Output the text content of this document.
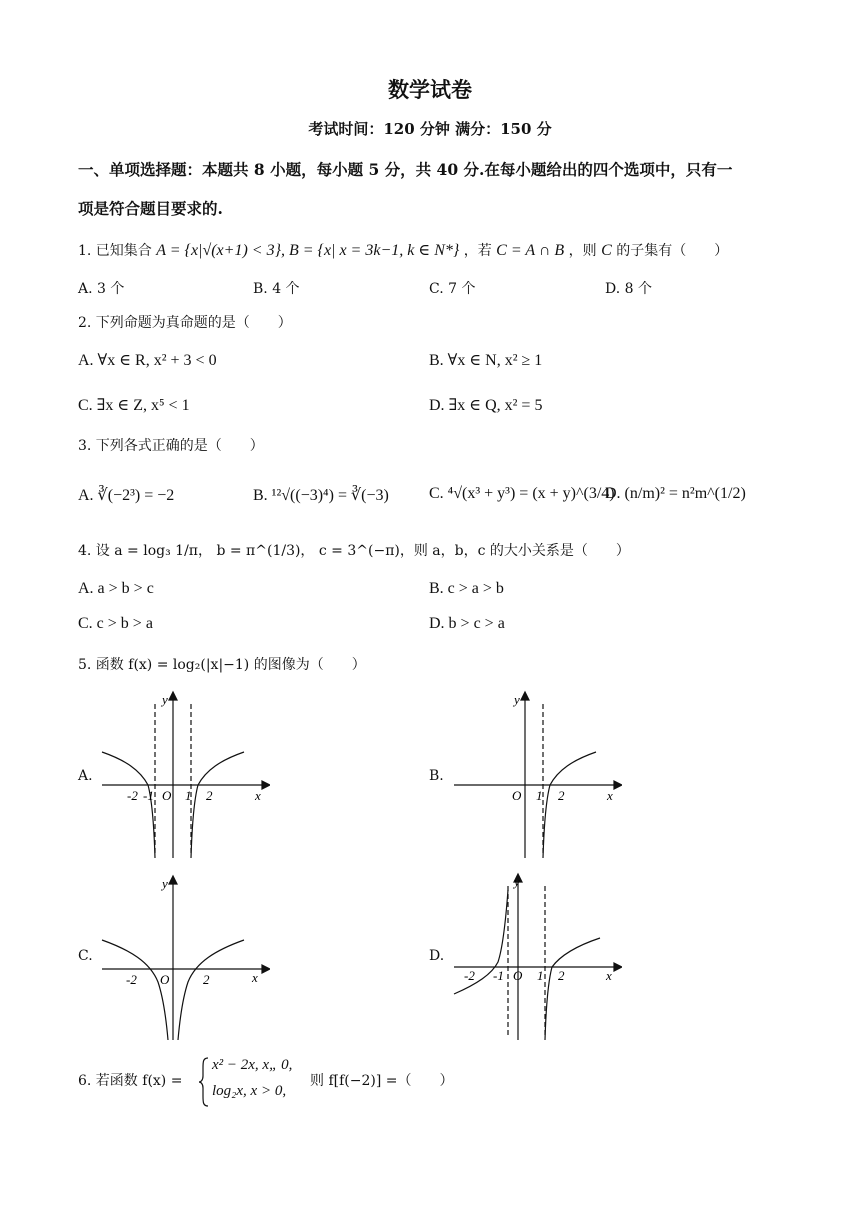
数学试卷
考试时间：120 分钟 满分：150 分
一、单项选择题：本题共 8 小题，每小题 5 分，共 40 分.在每小题给出的四个选项中，只有一
项是符合题目要求的.
1. 已知集合 A = {x|√(x+1) < 3}, B = {x| x = 3k−1, k ∈ N*} ，若 C = A ∩ B ，则 C 的子集有（　　）
A. 3 个	B. 4 个	C. 7 个	D. 8 个
2. 下列命题为真命题的是（　　）
A. ∀x ∈ R, x² + 3 < 0	B. ∀x ∈ N, x² ≥ 1
C. ∃x ∈ Z, x⁵ < 1	D. ∃x ∈ Q, x² = 5
3. 下列各式正确的是（　　）
A. ∛(−2³) = −2	B. ¹²√((−3)⁴) = ∛(−3)	C. ⁴√(x³ + y³) = (x + y)^(3/4)
D. (n/m)² = n²m^(1/2)
4. 设 a = log₃ 1/π， b = π^(1/3)， c = 3^(−π)，则 a，b，c 的大小关系是（　　）
A. a > b > c	B. c > a > b
C. c > b > a	D. b > c > a
5. 函数 f(x) = log₂(|x|−1) 的图像为（　　）
A.	B.
C.	D.
y
x
O
-2 -1 1 2
y
x
O 1 2
y
x
O
-2	2
y
x
O
-2 -1	1 2
6. 若函数 f(x) =
x² − 2x, x„ 0,
log₂x, x > 0,
则 f[f(−2)] =（　　）
